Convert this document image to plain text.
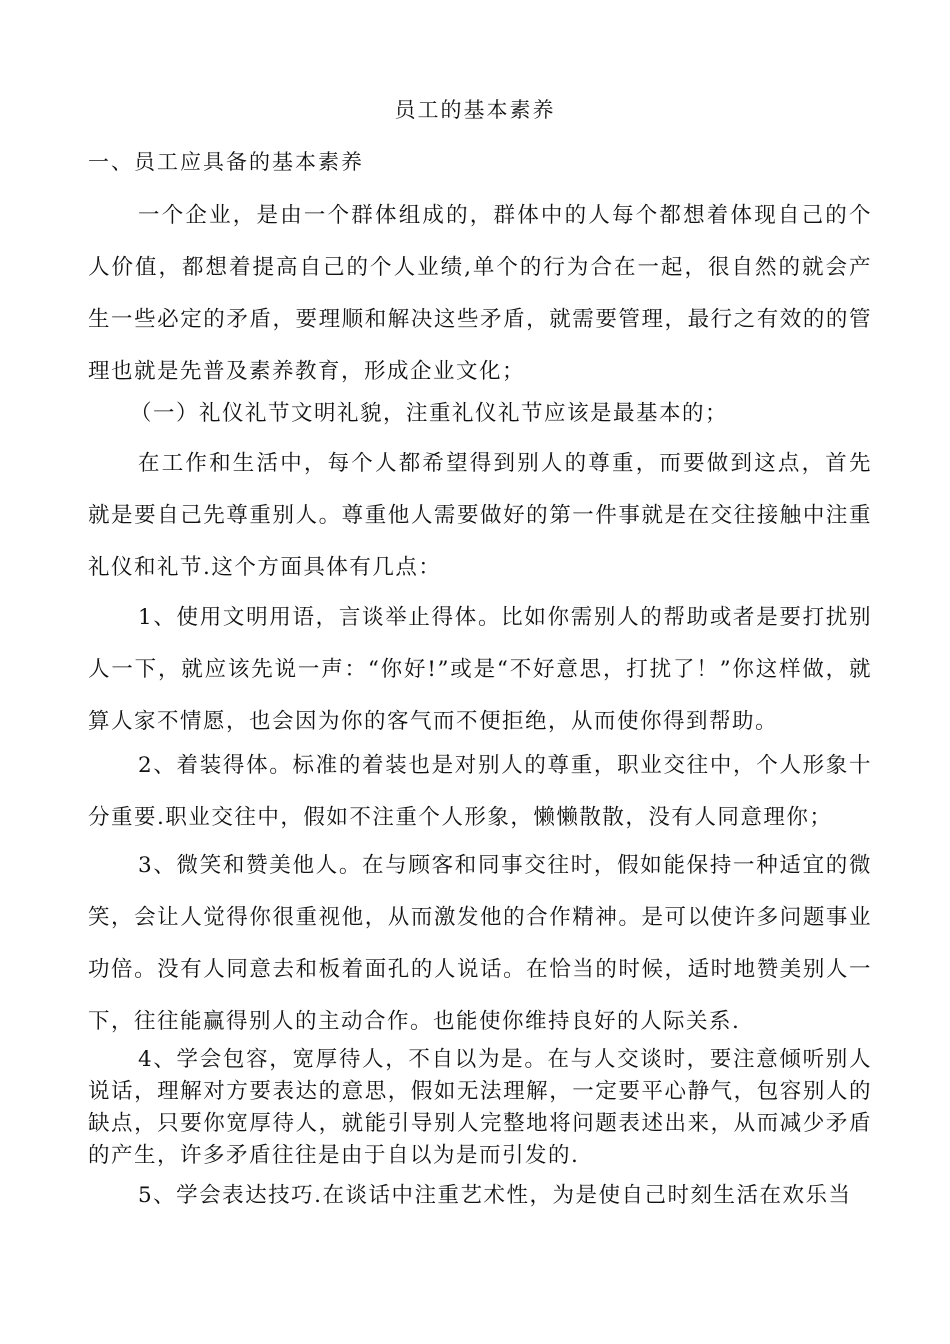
员工的基本素养
一、员工应具备的基本素养

一个企业，是由一个群体组成的，群体中的人每个都想着体现自己的个人价值，都想着提高自己的个人业绩,单个的行为合在一起，很自然的就会产生一些必定的矛盾，要理顺和解决这些矛盾，就需要管理，最行之有效的的管理也就是先普及素养教育，形成企业文化；

（一）礼仪礼节文明礼貌，注重礼仪礼节应该是最基本的；

在工作和生活中，每个人都希望得到别人的尊重，而要做到这点，首先就是要自己先尊重别人。尊重他人需要做好的第一件事就是在交往接触中注重礼仪和礼节.这个方面具体有几点：

1、使用文明用语，言谈举止得体。比如你需别人的帮助或者是要打扰别人一下，就应该先说一声：“你好!”或是“不好意思，打扰了！”你这样做，就算人家不情愿，也会因为你的客气而不便拒绝，从而使你得到帮助。

2、着装得体。标准的着装也是对别人的尊重，职业交往中，个人形象十分重要.职业交往中，假如不注重个人形象，懒懒散散，没有人同意理你；

3、微笑和赞美他人。在与顾客和同事交往时，假如能保持一种适宜的微笑，会让人觉得你很重视他，从而激发他的合作精神。是可以使许多问题事业功倍。没有人同意去和板着面孔的人说话。在恰当的时候，适时地赞美别人一下，往往能赢得别人的主动合作。也能使你维持良好的人际关系.

4、学会包容，宽厚待人，不自以为是。在与人交谈时，要注意倾听别人说话，理解对方要表达的意思，假如无法理解，一定要平心静气，包容别人的缺点，只要你宽厚待人，就能引导别人完整地将问题表述出来，从而减少矛盾的产生，许多矛盾往往是由于自以为是而引发的.

5、学会表达技巧.在谈话中注重艺术性，为是使自己时刻生活在欢乐当
